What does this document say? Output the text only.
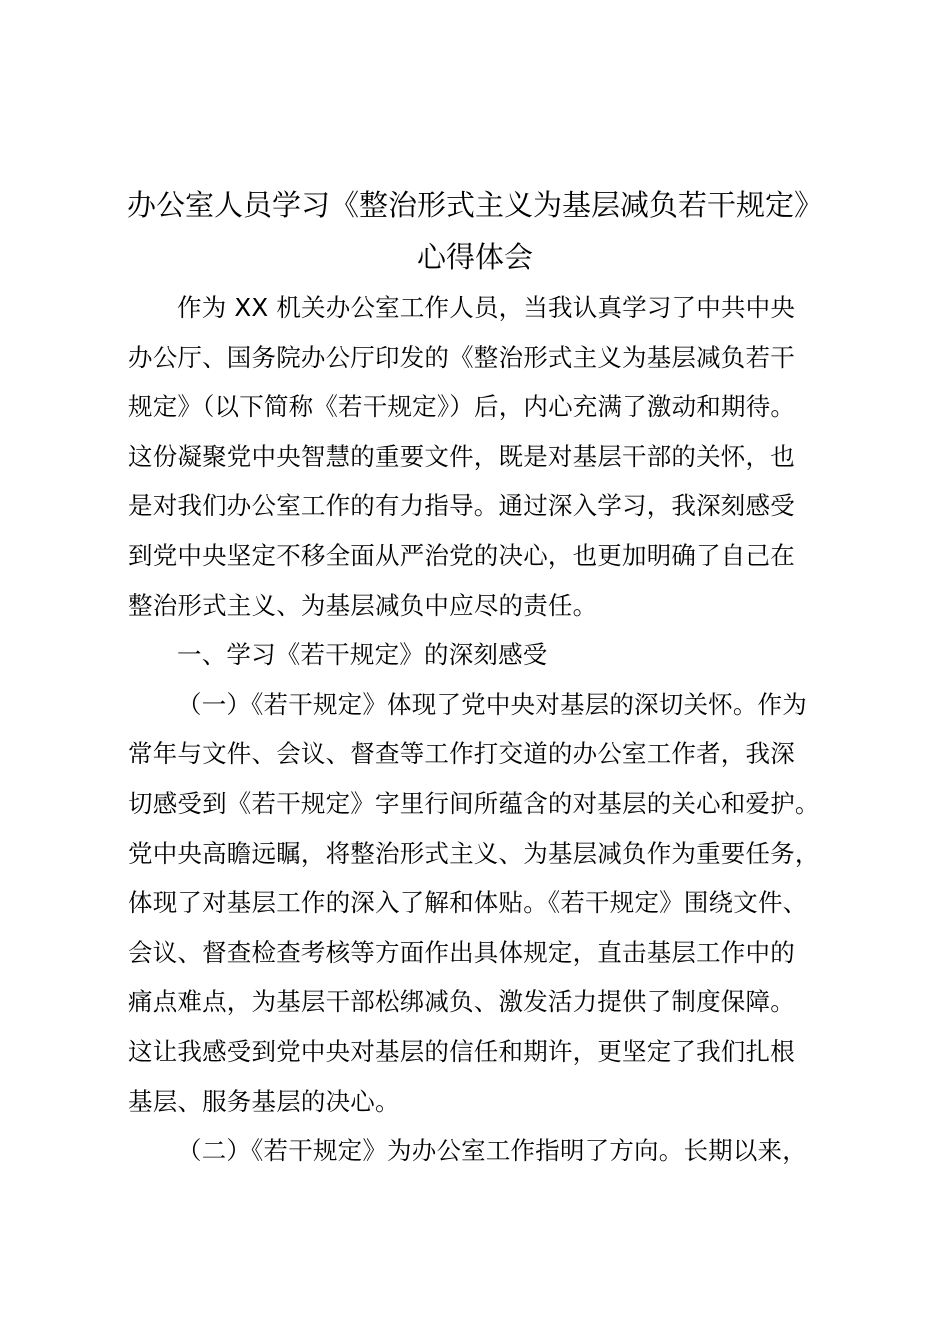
办公室人员学习《整治形式主义为基层减负若干规定》
心得体会
作为 XX 机关办公室工作人员，当我认真学习了中共中央
办公厅、国务院办公厅印发的《整治形式主义为基层减负若干
规定》（以下简称《若干规定》）后，内心充满了激动和期待。
这份凝聚党中央智慧的重要文件，既是对基层干部的关怀，也
是对我们办公室工作的有力指导。通过深入学习，我深刻感受
到党中央坚定不移全面从严治党的决心，也更加明确了自己在
整治形式主义、为基层减负中应尽的责任。
一、学习《若干规定》的深刻感受
（一）《若干规定》体现了党中央对基层的深切关怀。作为
常年与文件、会议、督查等工作打交道的办公室工作者，我深
切感受到《若干规定》字里行间所蕴含的对基层的关心和爱护。
党中央高瞻远瞩，将整治形式主义、为基层减负作为重要任务，
体现了对基层工作的深入了解和体贴。《若干规定》围绕文件、
会议、督查检查考核等方面作出具体规定，直击基层工作中的
痛点难点，为基层干部松绑减负、激发活力提供了制度保障。
这让我感受到党中央对基层的信任和期许，更坚定了我们扎根
基层、服务基层的决心。
（二）《若干规定》为办公室工作指明了方向。长期以来，
